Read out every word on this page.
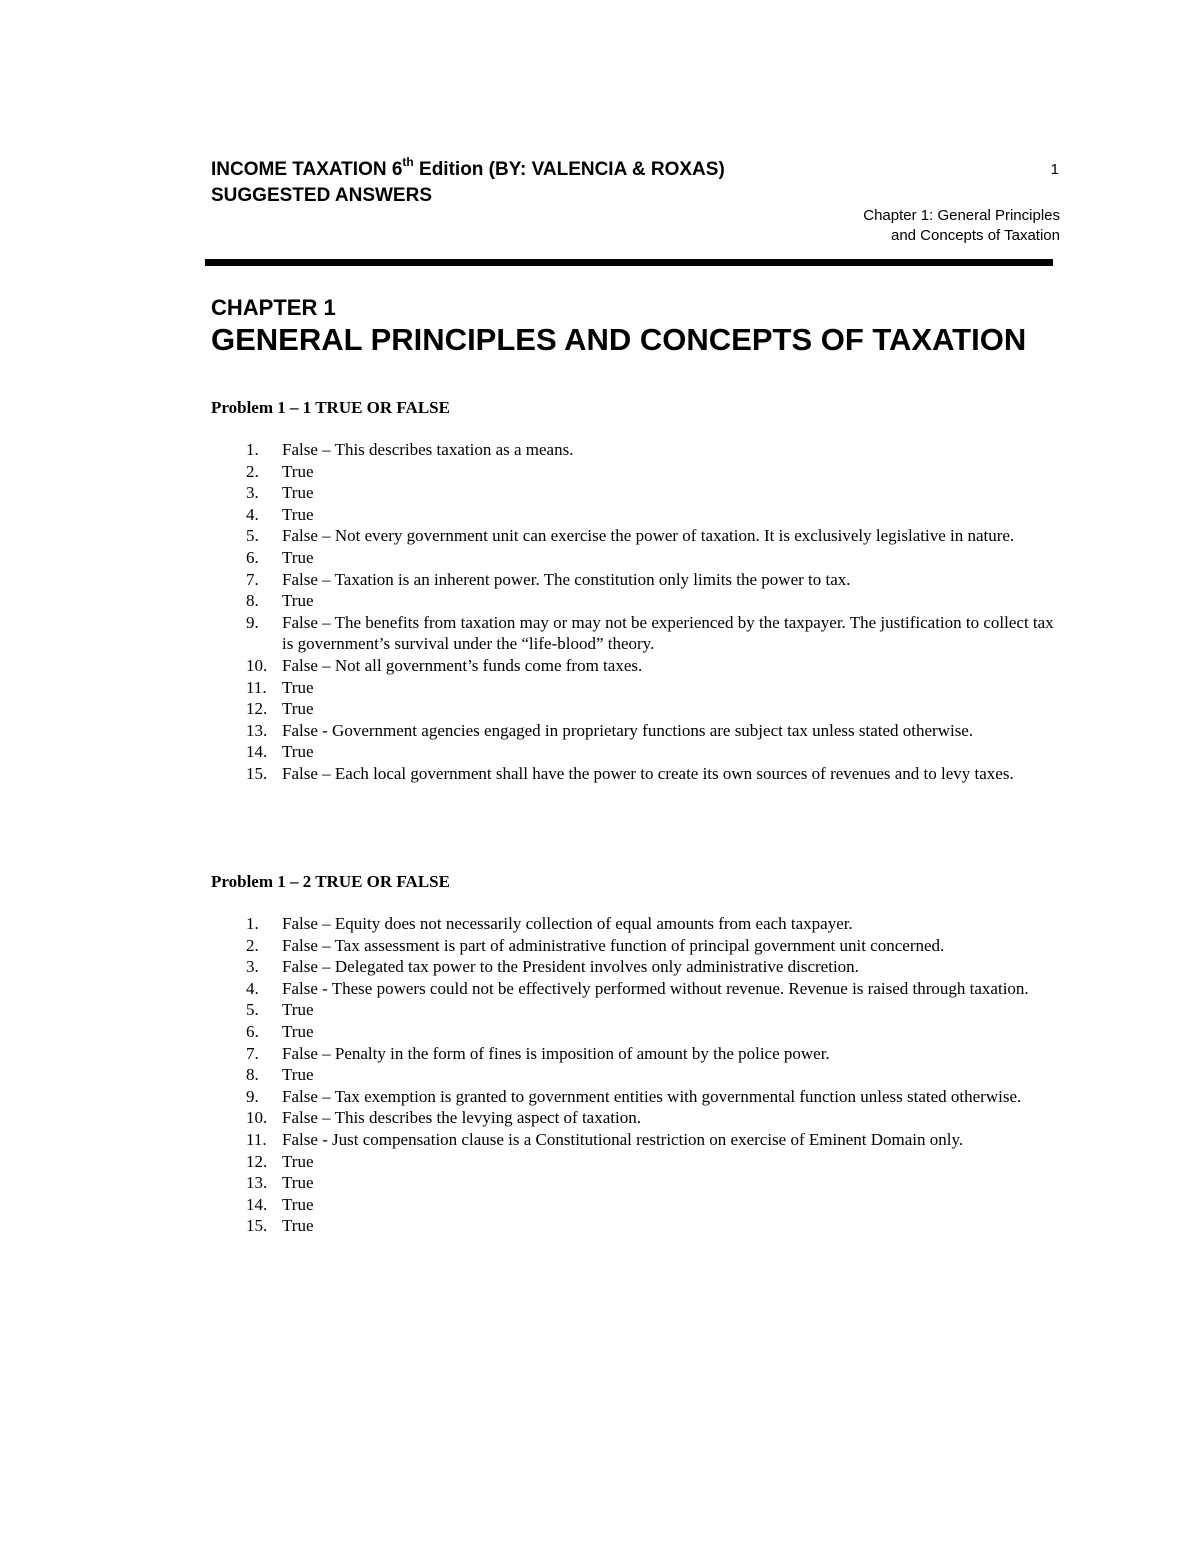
INCOME TAXATION 6th Edition (BY: VALENCIA & ROXAS)
SUGGESTED ANSWERS
1
Chapter 1: General Principles
and Concepts of Taxation
CHAPTER 1
GENERAL PRINCIPLES AND CONCEPTS OF TAXATION
Problem 1 – 1 TRUE OR FALSE
1. False – This describes taxation as a means.
2. True
3. True
4. True
5. False – Not every government unit can exercise the power of taxation. It is exclusively legislative in nature.
6. True
7. False – Taxation is an inherent power. The constitution only limits the power to tax.
8. True
9. False – The benefits from taxation may or may not be experienced by the taxpayer. The justification to collect tax is government’s survival under the “life-blood” theory.
10. False – Not all government’s funds come from taxes.
11. True
12. True
13. False - Government agencies engaged in proprietary functions are subject tax unless stated otherwise.
14. True
15. False – Each local government shall have the power to create its own sources of revenues and to levy taxes.
Problem 1 – 2 TRUE OR FALSE
1. False – Equity does not necessarily collection of equal amounts from each taxpayer.
2. False – Tax assessment is part of administrative function of principal government unit concerned.
3. False – Delegated tax power to the President involves only administrative discretion.
4. False - These powers could not be effectively performed without revenue. Revenue is raised through taxation.
5. True
6. True
7. False – Penalty in the form of fines is imposition of amount by the police power.
8. True
9. False – Tax exemption is granted to government entities with governmental function unless stated otherwise.
10. False – This describes the levying aspect of taxation.
11. False - Just compensation clause is a Constitutional restriction on exercise of Eminent Domain only.
12. True
13. True
14. True
15. True
